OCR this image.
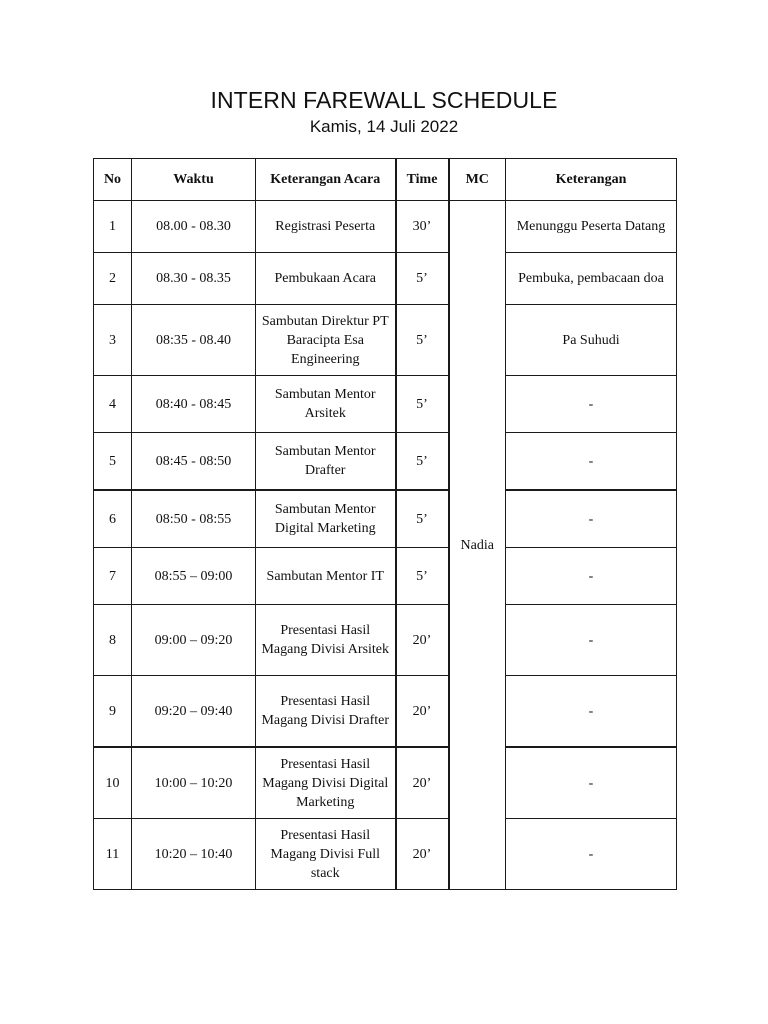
INTERN FAREWALL SCHEDULE
Kamis, 14 Juli 2022
No	Waktu	Keterangan Acara	Time	MC	Keterangan
1	08.00 - 08.30	Registrasi Peserta	30’	Nadia	Menunggu Peserta Datang
2	08.30 - 08.35	Pembukaan Acara	5’		Pembuka, pembacaan doa
3	08:35 - 08.40	Sambutan Direktur PT Baracipta Esa Engineering	5’		Pa Suhudi
4	08:40 - 08:45	Sambutan Mentor Arsitek	5’		-
5	08:45 - 08:50	Sambutan Mentor Drafter	5’		-
6	08:50 - 08:55	Sambutan Mentor Digital Marketing	5’		-
7	08:55 – 09:00	Sambutan Mentor IT	5’		-
8	09:00 – 09:20	Presentasi Hasil Magang Divisi Arsitek	20’		-
9	09:20 – 09:40	Presentasi Hasil Magang Divisi Drafter	20’		-
10	10:00 – 10:20	Presentasi Hasil Magang Divisi Digital Marketing	20’		-
11	10:20 – 10:40	Presentasi Hasil Magang Divisi Full stack	20’		-
